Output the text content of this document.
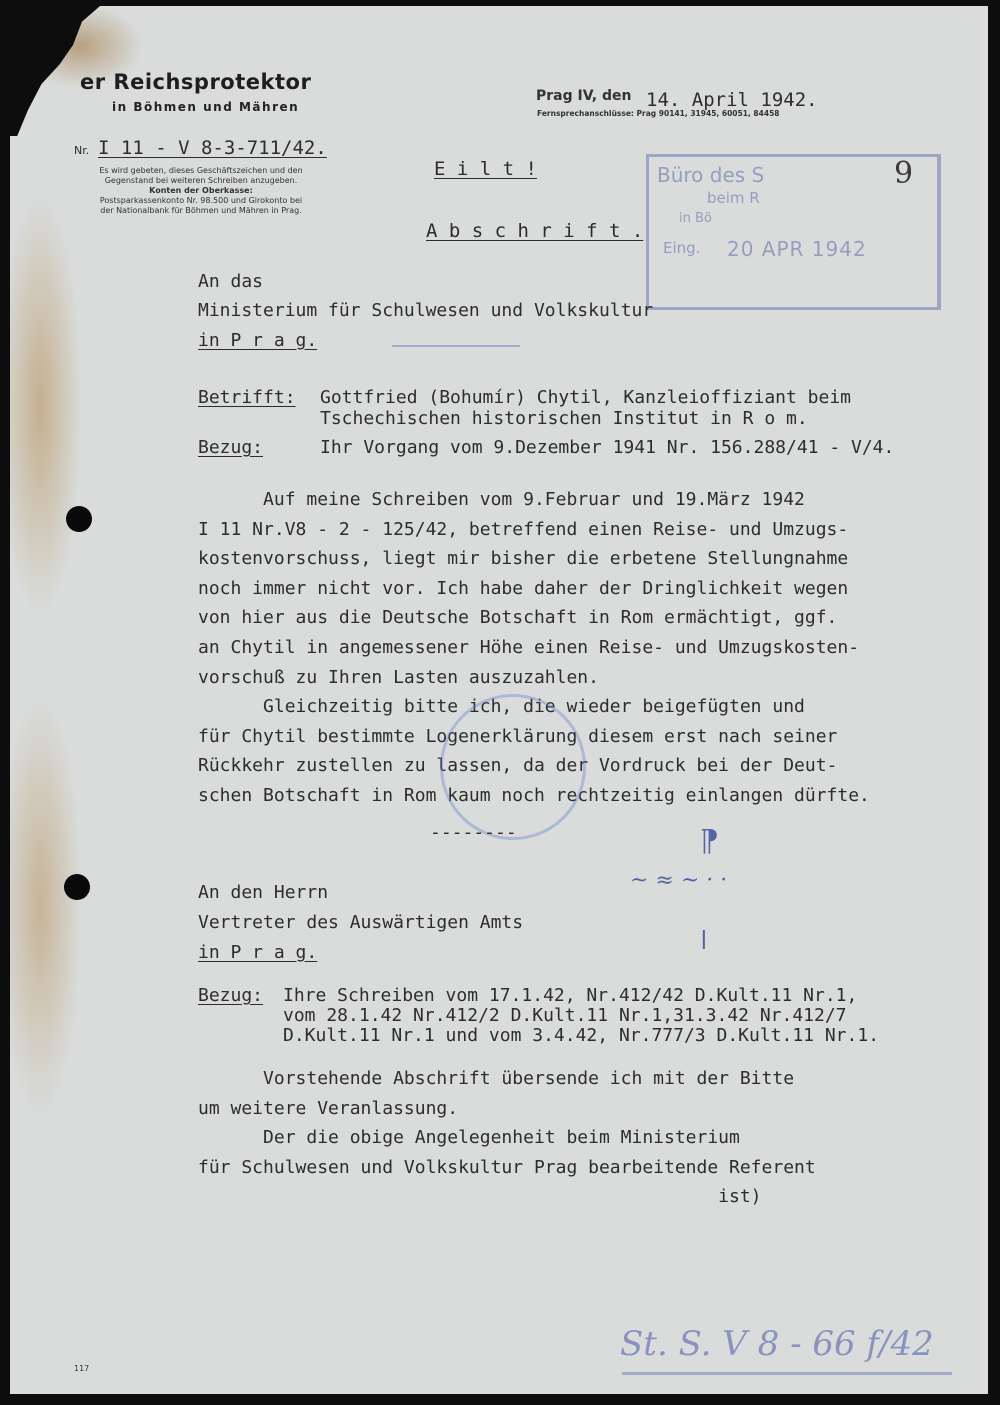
er Reichsprotektor
in Böhmen und Mähren
Nr. I 11 - V 8-3-711/42.
Es wird gebeten, dieses Geschäftszeichen und den
Gegenstand bei weiteren Schreiben anzugeben.
Konten der Oberkasse:
Postsparkassenkonto Nr. 98.500 und Girokonto bei
der Nationalbank für Böhmen und Mähren in Prag.
Prag IV, den 14. April 1942.
Fernsprechanschlüsse: Prag 90141, 31945, 60051, 84458
E i l t !
A b s c h r i f t .
9
Büro des S
beim R
in Bö
Eing. 20 APR 1942
An das
Ministerium für Schulwesen und Volkskultur
in P r a g.
Betrifft: Gottfried (Bohumír) Chytil, Kanzleioffiziant beim
Tschechischen historischen Institut in R o m.
Bezug:	Ihr Vorgang vom 9.Dezember 1941 Nr. 156.288/41 - V/4.
Auf meine Schreiben vom 9.Februar und 19.März 1942
I 11 Nr.V8 - 2 - 125/42, betreffend einen Reise- und Umzugs-
kostenvorschuss, liegt mir bisher die erbetene Stellungnahme
noch immer nicht vor. Ich habe daher der Dringlichkeit wegen
von hier aus die Deutsche Botschaft in Rom ermächtigt, ggf.
an Chytil in angemessener Höhe einen Reise- und Umzugskosten-
vorschuß zu Ihren Lasten auszuzahlen.
Gleichzeitig bitte ich, die wieder beigefügten und
für Chytil bestimmte Logenerklärung diesem erst nach seiner
Rückkehr zustellen zu lassen, da der Vordruck bei der Deut-
schen Botschaft in Rom kaum noch rechtzeitig einlangen dürfte.
--------
~ ≈ ~ · ·
⁋
ǀ
An den Herrn
Vertreter des Auswärtigen Amts
in P r a g.
Bezug: Ihre Schreiben vom 17.1.42, Nr.412/42 D.Kult.11 Nr.1,
vom 28.1.42 Nr.412/2 D.Kult.11 Nr.1,31.3.42 Nr.412/7
D.Kult.11 Nr.1 und vom 3.4.42, Nr.777/3 D.Kult.11 Nr.1.
Vorstehende Abschrift übersende ich mit der Bitte
um weitere Veranlassung.
Der die obige Angelegenheit beim Ministerium
für Schulwesen und Volkskultur Prag bearbeitende Referent
ist)
117
St. S. V 8 - 66 f/42
